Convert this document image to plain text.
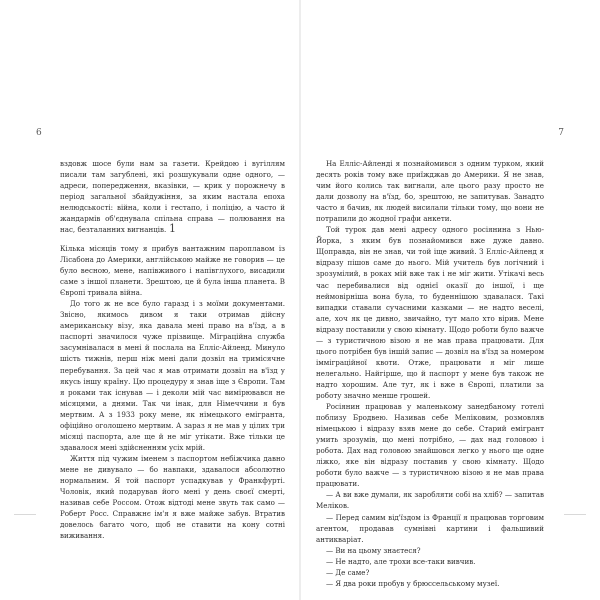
6

вздовж шосе були нам за газети. Крейдою і вугіллям писали там загублені, які розшукували одне одного, — адреси, попередження, вказівки, — крик у порожнечу в період загальної збайдужіння, за яким настала епоха нелюдськості: війна, коли і гестапо, і поліцію, а часто й жандармів об'єднувала спільна справа — полювання на нас, безталанних вигнанців. 1

Кілька місяців тому я прибув вантажним пароплавом із Лісабона до Америки, англійською майже не говорив — це було весною, мене, напівживого і напівглухого, висадили саме з іншої планети. Зрештою, це й була інша планета. В Європі тривала війна.

До того ж не все було гаразд і з моїми документами. Звісно, якимось дивом я таки отримав дійсну американську візу, яка давала мені право на в'їзд, а в паспорті значилося чуже прізвище. Міграційна служба засумнівалася в мені й послала на Елліс-Айленд. Минуло шість тижнів, перш ніж мені дали дозвіл на тримісячне перебування. За цей час я мав отримати дозвіл на в'їзд у якусь іншу країну. Цю процедуру я знав іще з Європи. Там я роками так існував — і деколи мій час вимірювався не місяцями, а днями. Так чи інак, для Німеччини я був мертвим. А з 1933 року мене, як німецького емігранта, офіційно оголошено мертвим. А зараз я не мав у цілих три місяці паспорта, але ще й не міг утікати. Вже тільки це здавалося мені здійсненням усіх мрій.

Життя під чужим іменем з паспортом небіжчика давно мене не дивувало — бо навпаки, здавалося абсолютно нормальним. Я той паспорт успадкував у Франкфурті. Чоловік, який подарував його мені у день своєї смерті, називав себе Россом. Отож відтоді мене звуть так само — Роберт Росс. Справжнє ім'я я вже майже забув. Втратив довелось багато чого, щоб не ставити на кону сотні виживання.

7

На Елліс-Айленді я познайомився з одним турком, який десять років тому вже приїжджав до Америки. Я не знав, чим його колись так вигнали, але цього разу просто не дали дозволу на в'їзд, бо, зрештою, не запитував. Занадто часто я бачив, як людей висилали тільки тому, що вони не потрапили до жодної графи анкети.

Той турок дав мені адресу одного росіянина з Нью-Йорка, з яким був познайомився вже дуже давно. Щоправда, він не знав, чи той іще живий. З Елліс-Айленд я відразу пішов саме до нього. Мій учитель був логічний і зрозумілий, в роках мій вже так і не міг жити. Утікачі весь час перебивалися від однієї оказії до іншої, і ще неймовірніша вона була, то буденнішою здавалася. Такі випадки ставали сучасними казками — не надто веселі, але, хоч як це дивно, звичайно, тут мало хто вірив. Мене відразу поставили у свою кімнату. Щодо роботи було важче — з туристичною візою я не мав права працювати. Для цього потрібен був іншій запис — дозвіл на в'їзд за номером імміграційної квоти. Отже, працювати я міг лише нелегально. Найгірше, що й паспорт у мене був також не надто хорошим. Але тут, як і вже в Європі, платили за роботу значно менше грошей.

Росіянин працював у маленькому занедбаному готелі поблизу Бродвею. Називав себе Меліковим, розмовляв німецькою і відразу взяв мене до себе. Старий емігрант умить зрозумів, що мені потрібно, — дах над головою і робота. Дах над головою знайшовся легко у нього ще одне ліжко, яке він відразу поставив у свою кімнату. Щодо роботи було важче — з туристичною візою я не мав права працювати.

— А ви вже думали, як заробляти собі на хліб? — запитав Меліков.

— Перед самим від'їздом із Франції я працював торговим агентом, продавав сумнівні картини і фальшивий антикваріат.

— Ви на цьому знаєтеся?

— Не надто, але трохи все-таки вивчив.

— Де саме?

— Я два роки пробув у брюссельському музеї.
